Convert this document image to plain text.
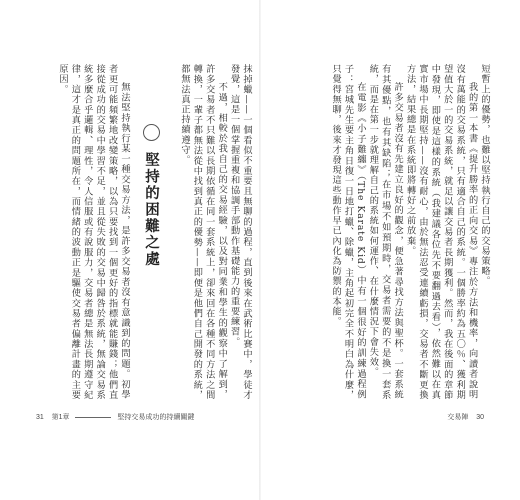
短暫上的優勢，也難以堅持執行自己的交易策略。

我的第一本書《提升勝率的正向交易》專注於方法和機率，向讀者說明沒有萬能的交易系統，只有適合自己的系統。一個勝率約為五〇％、獲利期望值大於一的交易系統，就足以讓交易者長期獲利。然而，我在後面的章節中發現，即使是這樣的系統（我建議各位先不要翻過去看），依然難以在真實市場中長期堅持——沒有耐心，由於無法忍受連續虧損，交易者不斷更換方法，結果總是在系統即將轉好之前放棄。

許多交易者沒有先建立良好的觀念，便急著尋找方法與聖杯。一套系統有其優點，也有其缺陷；在市場不如預期時，交易者需要的不是換一套系統，而是在第一步就理解自己的系統如何運作、在什麼情況下會失效。

在電影《小子難纏》（The Karate Kid）中有一個很好的訓練過程例子：宮城先生要主角日復一日地打蠟、除蠟，主角起初完全不明白為什麼，只覺得無聊，後來才發現這些動作早已內化為防禦的本能。

抹掉蠟——一個看似不重要且無聊的過程，直到後來在武術比賽中，學徒才發覺，這是一個掌握重複和協調手部動作基礎能力的重要練習。

不過，相較於我自己的交易經驗，以及對同業和學生的觀察中了解到，許多交易者不只難以長期依循在同一套系統上，卻來回在各種不同方法之間轉換，一輩子都無法從中找到真正的優勢——即便是他們自己開發的系統，都無法真正持續遵守。

堅持的困難之處

無法堅持執行某一種交易方法，是許多交易者沒有意識到的問題。初學者更可能頻繁地改變策略，以為只要找到一個更好的指標就能賺錢；他們直接從成功的交易中學習不足，並且從失敗的交易中歸咎於系統，無論交易系統多麼合乎邏輯、理性，令人信服或有說服力，交易者總是無法長期遵守紀律，這才是真正的問題所在，而情緒的波動正是驅使交易者偏離計畫的主要原因。

31 第1章	堅持交易成功的持續關鍵	交易陣 30
